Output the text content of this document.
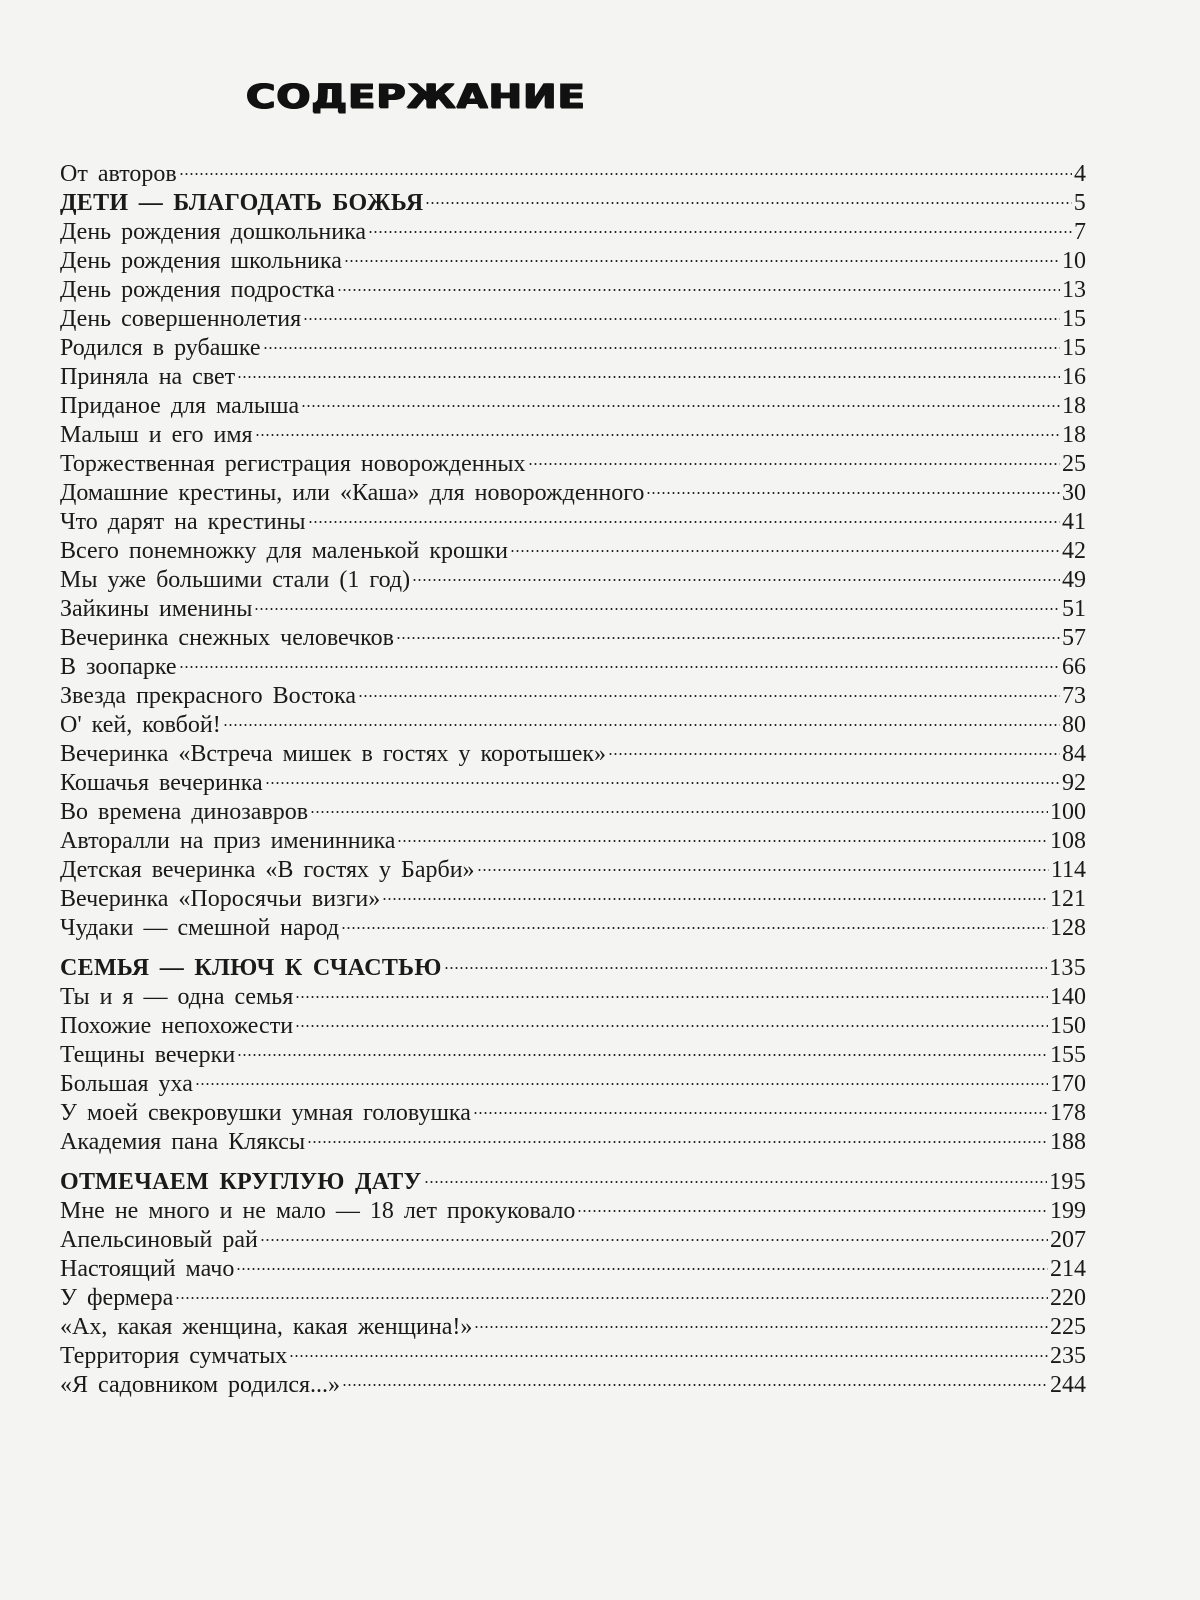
СОДЕРЖАНИЕ
От авторов	4
ДЕТИ — БЛАГОДАТЬ БОЖЬЯ	5
День рождения дошкольника	7
День рождения школьника	10
День рождения подростка	13
День совершеннолетия	15
Родился в рубашке	15
Приняла на свет	16
Приданое для малыша	18
Малыш и его имя	18
Торжественная регистрация новорожденных	25
Домашние крестины, или «Каша» для новорожденного	30
Что дарят на крестины	41
Всего понемножку для маленькой крошки	42
Мы уже большими стали (1 год)	49
Зайкины именины	51
Вечеринка снежных человечков	57
В зоопарке	66
Звезда прекрасного Востока	73
О' кей, ковбой!	80
Вечеринка «Встреча мишек в гостях у коротышек»	84
Кошачья вечеринка	92
Во времена динозавров	100
Авторалли на приз именинника	108
Детская вечеринка «В гостях у Барби»	114
Вечеринка «Поросячьи визги»	121
Чудаки — смешной народ	128
СЕМЬЯ — КЛЮЧ К СЧАСТЬЮ	135
Ты и я — одна семья	140
Похожие непохожести	150
Тещины вечерки	155
Большая уха	170
У моей свекровушки умная головушка	178
Академия пана Кляксы	188
ОТМЕЧАЕМ КРУГЛУЮ ДАТУ	195
Мне не много и не мало — 18 лет прокуковало	199
Апельсиновый рай	207
Настоящий мачо	214
У фермера	220
«Ах, какая женщина, какая женщина!»	225
Территория сумчатых	235
«Я садовником родился...»	244
